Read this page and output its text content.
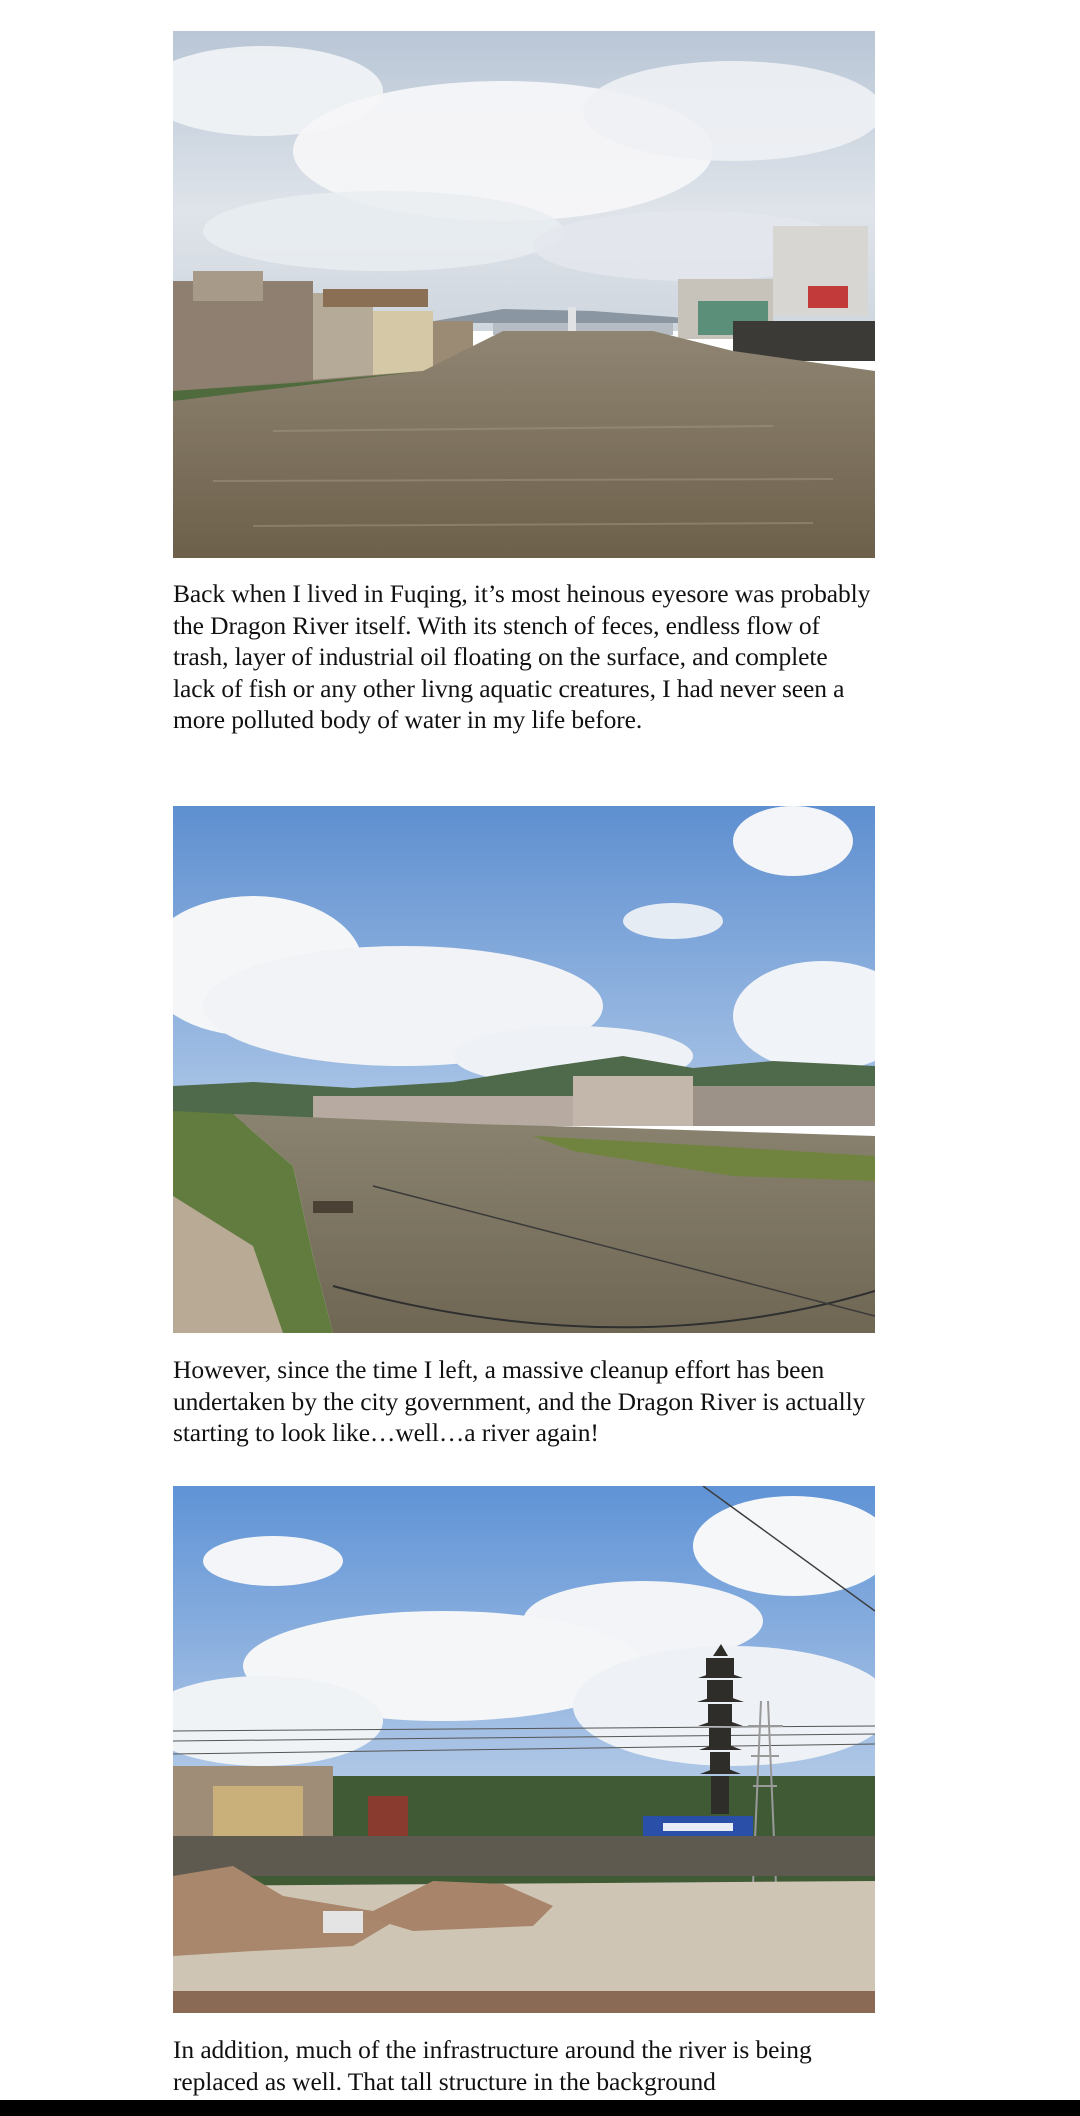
Back when I lived in Fuqing, it’s most heinous eyesore was probably the Dragon River itself. With its stench of feces, endless flow of trash, layer of industrial oil floating on the surface, and complete lack of fish or any other livng aquatic creatures, I had never seen a more polluted body of water in my life before.

However, since the time I left, a massive cleanup effort has been undertaken by the city government, and the Dragon River is actually starting to look like…well…a river again!

In addition, much of the infrastructure around the river is being replaced as well. That tall structure in the background
